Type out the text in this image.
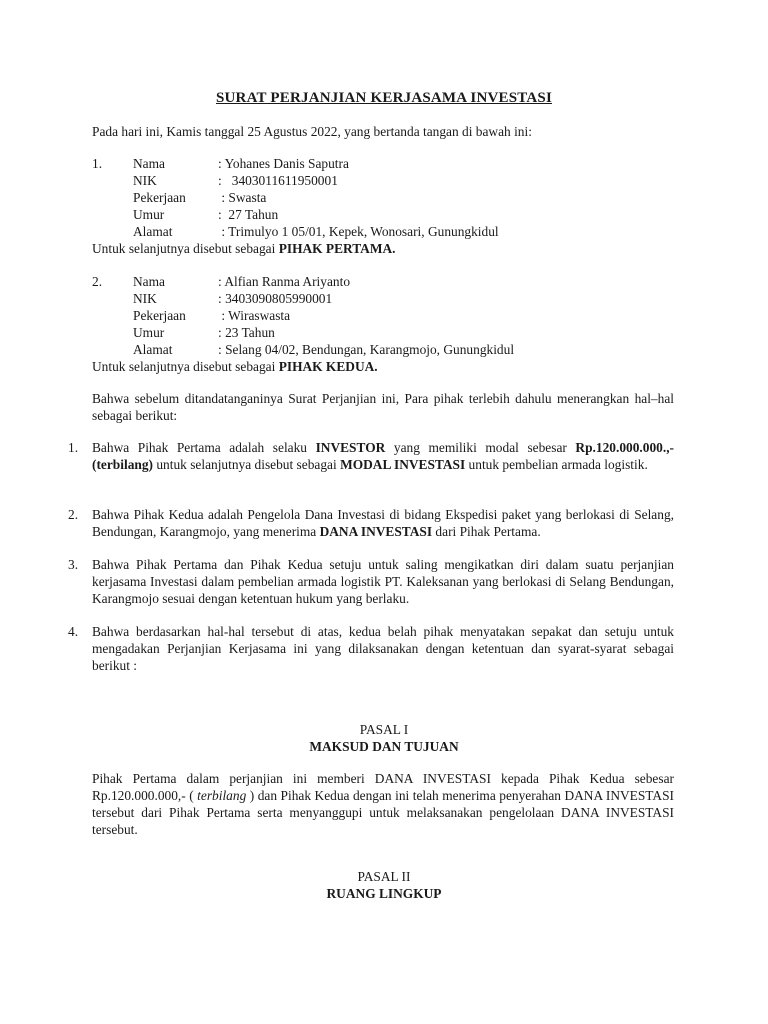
SURAT PERJANJIAN KERJASAMA INVESTASI
Pada hari ini, Kamis tanggal 25 Agustus 2022, yang bertanda tangan di bawah ini:
1. Nama	: Yohanes Danis Saputra
NIK	:   3403011611950001
Pekerjaan : Swasta
Umur	:  27 Tahun
Alamat	: Trimulyo 1 05/01, Kepek, Wonosari, Gunungkidul
Untuk selanjutnya disebut sebagai PIHAK PERTAMA.
2. Nama	: Alfian Ranma Ariyanto
NIK	: 3403090805990001
Pekerjaan : Wiraswasta
Umur	: 23 Tahun
Alamat	: Selang 04/02, Bendungan, Karangmojo, Gunungkidul
Untuk selanjutnya disebut sebagai PIHAK KEDUA.
Bahwa sebelum ditandatanganinya Surat Perjanjian ini, Para pihak terlebih dahulu menerangkan hal–hal sebagai berikut:
1. Bahwa Pihak Pertama adalah selaku INVESTOR yang memiliki modal sebesar Rp.120.000.000.,- (terbilang) untuk selanjutnya disebut sebagai MODAL INVESTASI untuk pembelian armada logistik.
2. Bahwa Pihak Kedua adalah Pengelola Dana Investasi di bidang Ekspedisi paket yang berlokasi di Selang, Bendungan, Karangmojo, yang menerima DANA INVESTASI dari Pihak Pertama.
3. Bahwa Pihak Pertama dan Pihak Kedua setuju untuk saling mengikatkan diri dalam suatu perjanjian kerjasama Investasi dalam pembelian armada logistik PT. Kaleksanan yang berlokasi di Selang Bendungan, Karangmojo sesuai dengan ketentuan hukum yang berlaku.
4. Bahwa berdasarkan hal-hal tersebut di atas, kedua belah pihak menyatakan sepakat dan setuju untuk mengadakan Perjanjian Kerjasama ini yang dilaksanakan dengan ketentuan dan syarat-syarat sebagai berikut :
PASAL I
MAKSUD DAN TUJUAN
Pihak Pertama dalam perjanjian ini memberi DANA INVESTASI kepada Pihak Kedua sebesar Rp.120.000.000,- ( terbilang ) dan Pihak Kedua dengan ini telah menerima penyerahan DANA INVESTASI tersebut dari Pihak Pertama serta menyanggupi untuk melaksanakan pengelolaan DANA INVESTASI tersebut.
PASAL II
RUANG LINGKUP
